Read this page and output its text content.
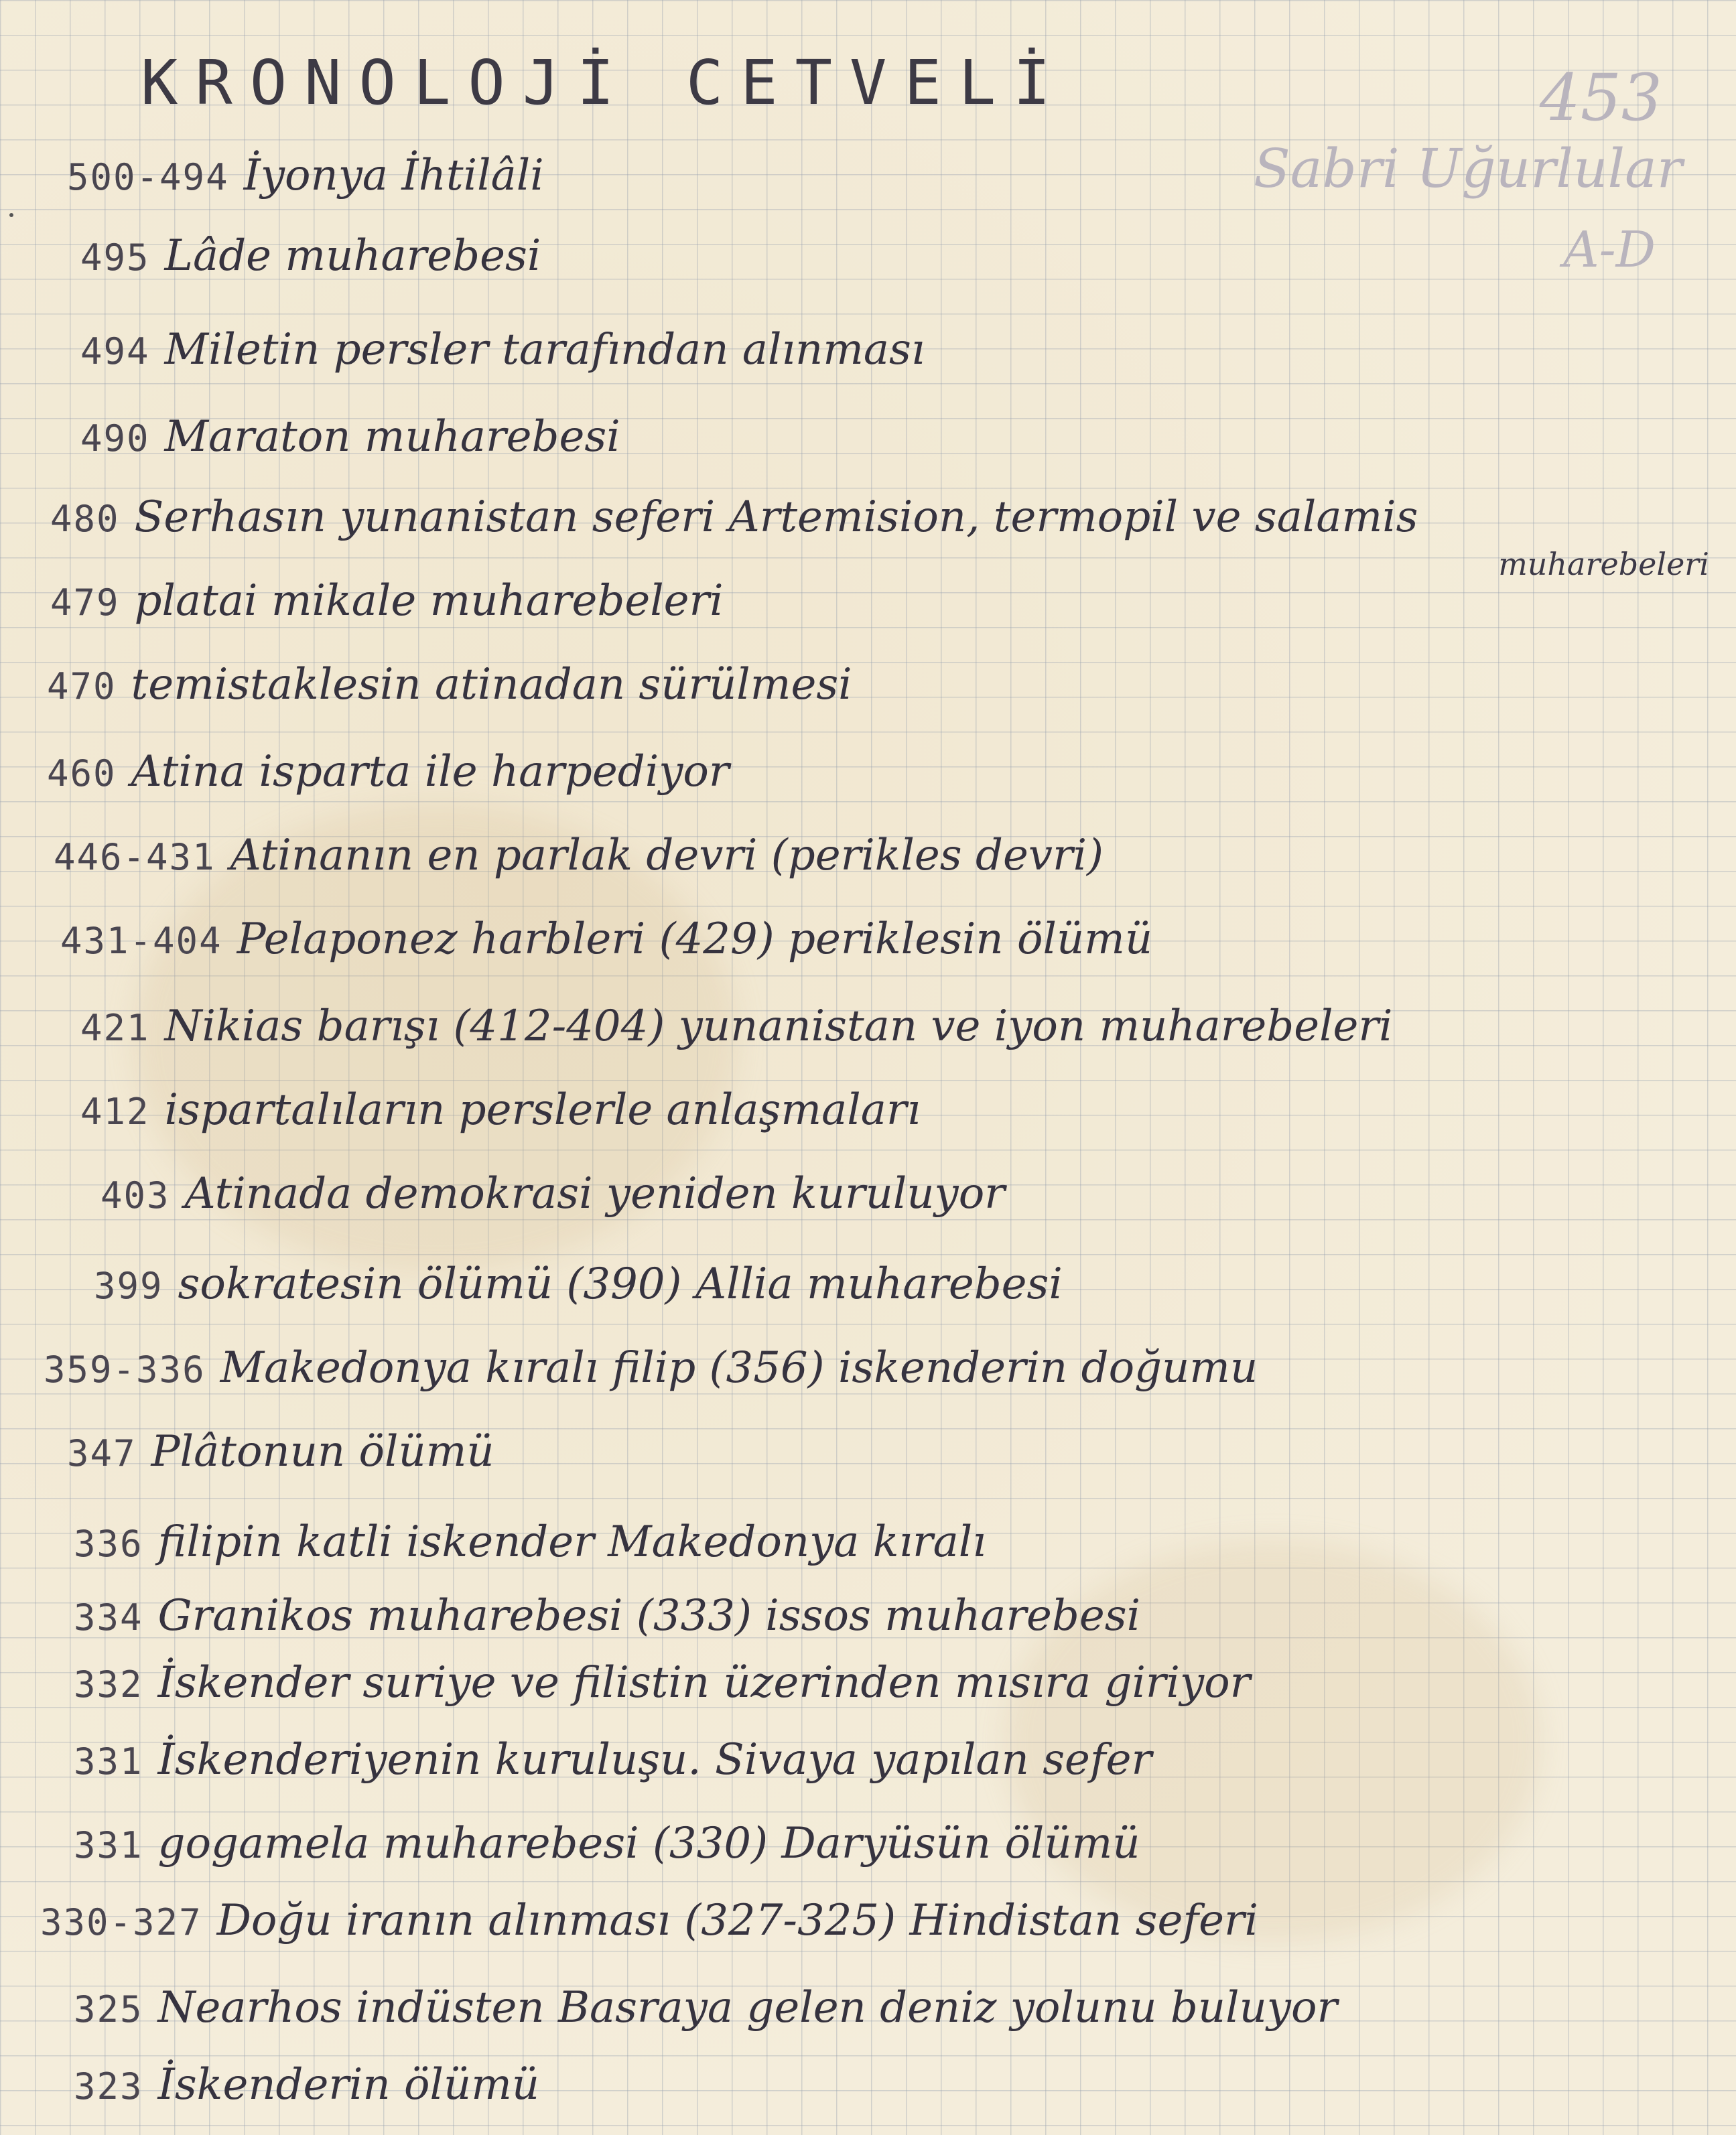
KRONOLOJİ CETVELİ	453
Sabri Uğurlular
A-D
500-494 İyonya İhtilâli
495 Lâde muharebesi
494 Miletin persler tarafından alınması
490 Maraton muharebesi
480 Serhasın yunanistan seferi Artemision, termopil ve salamis
muharebeleri
479 platai mikale muharebeleri
470 temistaklesin atinadan sürülmesi
460 Atina isparta ile harpediyor
446-431 Atinanın en parlak devri (perikles devri)
431-404 Pelaponez harbleri (429) periklesin ölümü
421 Nikias barışı (412-404) yunanistan ve iyon muharebeleri
412 ispartalıların perslerle anlaşmaları
403 Atinada demokrasi yeniden kuruluyor
399 sokratesin ölümü (390) Allia muharebesi
359-336 Makedonya kıralı filip (356) iskenderin doğumu
347 Plâtonun ölümü
336 filipin katli iskender Makedonya kıralı
334 Granikos muharebesi (333) issos muharebesi
332 İskender suriye ve filistin üzerinden mısıra giriyor
331 İskenderiyenin kuruluşu. Sivaya yapılan sefer
331 gogamela muharebesi (330) Daryüsün ölümü
330-327 Doğu iranın alınması (327-325) Hindistan seferi
325 Nearhos indüsten Basraya gelen deniz yolunu buluyor
323 İskenderin ölümü
